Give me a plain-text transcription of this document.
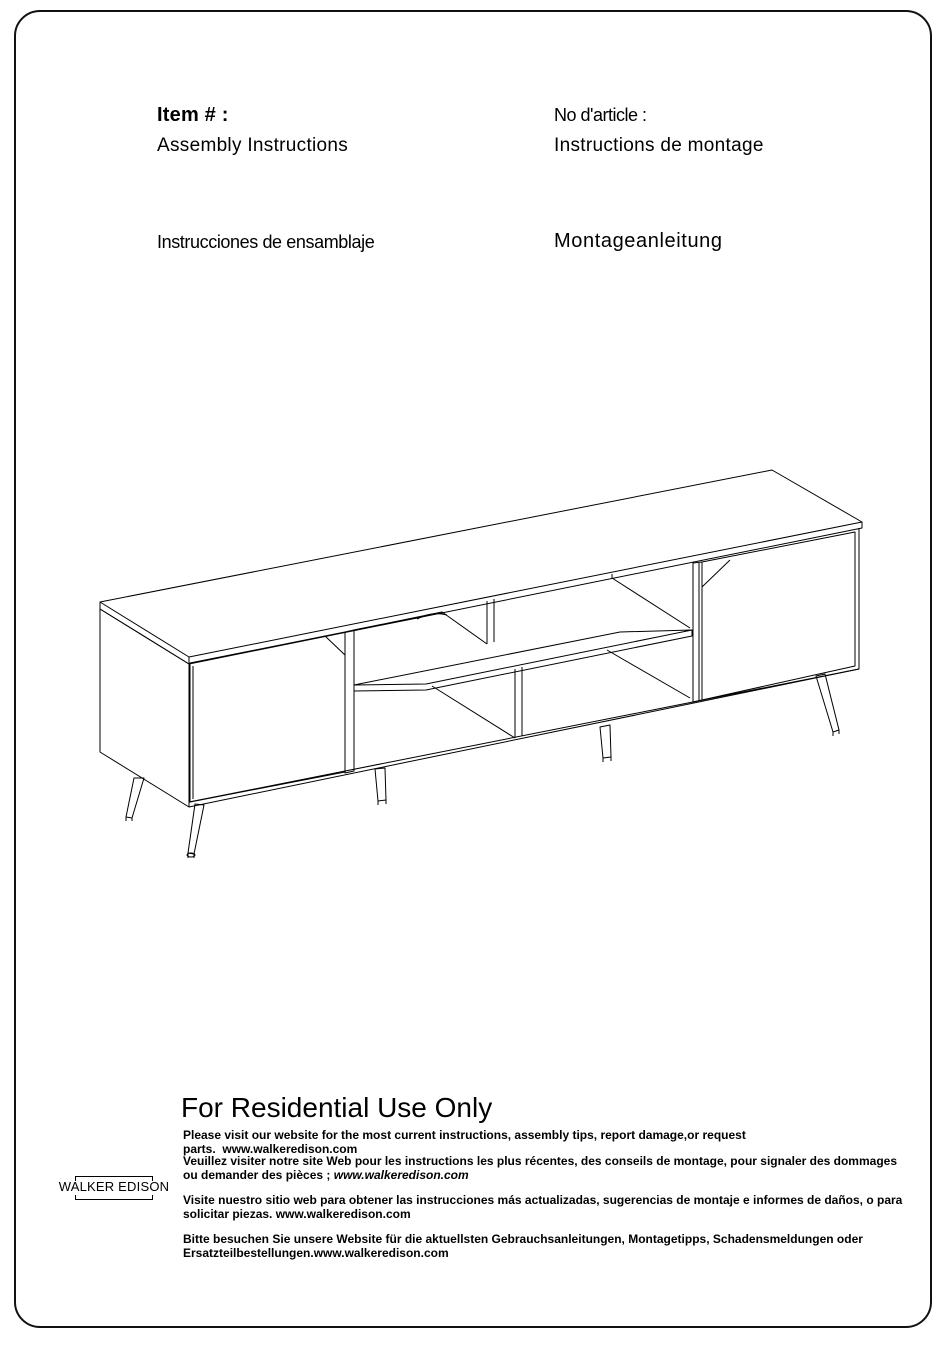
Item # :

Assembly Instructions

No d'article :

Instructions de montage

Instrucciones de ensamblaje	Montageanleitung

For Residential Use Only

Please visit our website for the most current instructions, assembly tips, report damage,or request parts. www.walkeredison.com

Veuillez visiter notre site Web pour les instructions les plus récentes, des conseils de montage, pour signaler des dommages ou demander des pièces ; www.walkeredison.com

Visite nuestro sitio web para obtener las instrucciones más actualizadas, sugerencias de montaje e informes de daños, o para solicitar piezas. www.walkeredison.com

Bitte besuchen Sie unsere Website für die aktuellsten Gebrauchsanleitungen, Montagetipps, Schadensmeldungen oder Ersatzteilbestellungen.www.walkeredison.com

WALKER EDISON
